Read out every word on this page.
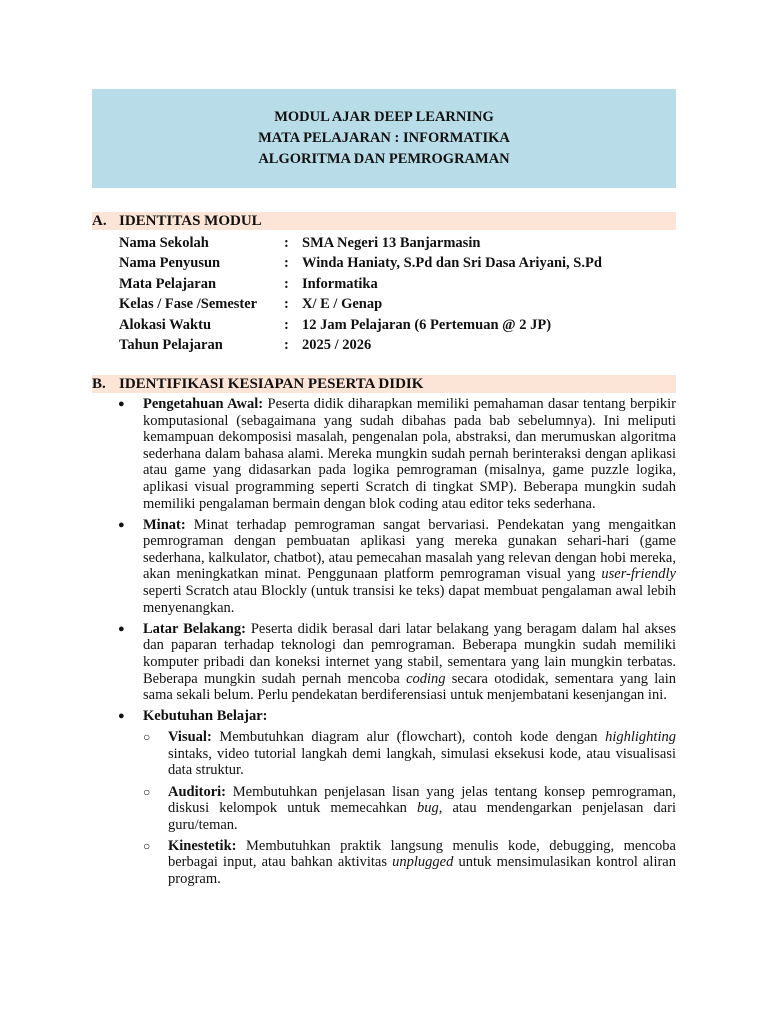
MODUL AJAR DEEP LEARNING
MATA PELAJARAN : INFORMATIKA
ALGORITMA DAN PEMROGRAMAN
A. IDENTITAS MODUL
Nama Sekolah	: SMA Negeri 13 Banjarmasin
Nama Penyusun	: Winda Haniaty, S.Pd dan Sri Dasa Ariyani, S.Pd
Mata Pelajaran	: Informatika
Kelas / Fase /Semester : X/ E / Genap
Alokasi Waktu	: 12 Jam Pelajaran (6 Pertemuan @ 2 JP)
Tahun Pelajaran	: 2025 / 2026
B. IDENTIFIKASI KESIAPAN PESERTA DIDIK
● Pengetahuan Awal: Peserta didik diharapkan memiliki pemahaman dasar tentang berpikir komputasional (sebagaimana yang sudah dibahas pada bab sebelumnya). Ini meliputi kemampuan dekomposisi masalah, pengenalan pola, abstraksi, dan merumuskan algoritma sederhana dalam bahasa alami. Mereka mungkin sudah pernah berinteraksi dengan aplikasi atau game yang didasarkan pada logika pemrograman (misalnya, game puzzle logika, aplikasi visual programming seperti Scratch di tingkat SMP). Beberapa mungkin sudah memiliki pengalaman bermain dengan blok coding atau editor teks sederhana.
● Minat: Minat terhadap pemrograman sangat bervariasi. Pendekatan yang mengaitkan pemrograman dengan pembuatan aplikasi yang mereka gunakan sehari-hari (game sederhana, kalkulator, chatbot), atau pemecahan masalah yang relevan dengan hobi mereka, akan meningkatkan minat. Penggunaan platform pemrograman visual yang user-friendly seperti Scratch atau Blockly (untuk transisi ke teks) dapat membuat pengalaman awal lebih menyenangkan.
● Latar Belakang: Peserta didik berasal dari latar belakang yang beragam dalam hal akses dan paparan terhadap teknologi dan pemrograman. Beberapa mungkin sudah memiliki komputer pribadi dan koneksi internet yang stabil, sementara yang lain mungkin terbatas. Beberapa mungkin sudah pernah mencoba coding secara otodidak, sementara yang lain sama sekali belum. Perlu pendekatan berdiferensiasi untuk menjembatani kesenjangan ini.
● Kebutuhan Belajar:
○ Visual: Membutuhkan diagram alur (flowchart), contoh kode dengan highlighting sintaks, video tutorial langkah demi langkah, simulasi eksekusi kode, atau visualisasi data struktur.
○ Auditori: Membutuhkan penjelasan lisan yang jelas tentang konsep pemrograman, diskusi kelompok untuk memecahkan bug, atau mendengarkan penjelasan dari guru/teman.
○ Kinestetik: Membutuhkan praktik langsung menulis kode, debugging, mencoba berbagai input, atau bahkan aktivitas unplugged untuk mensimulasikan kontrol aliran program.
